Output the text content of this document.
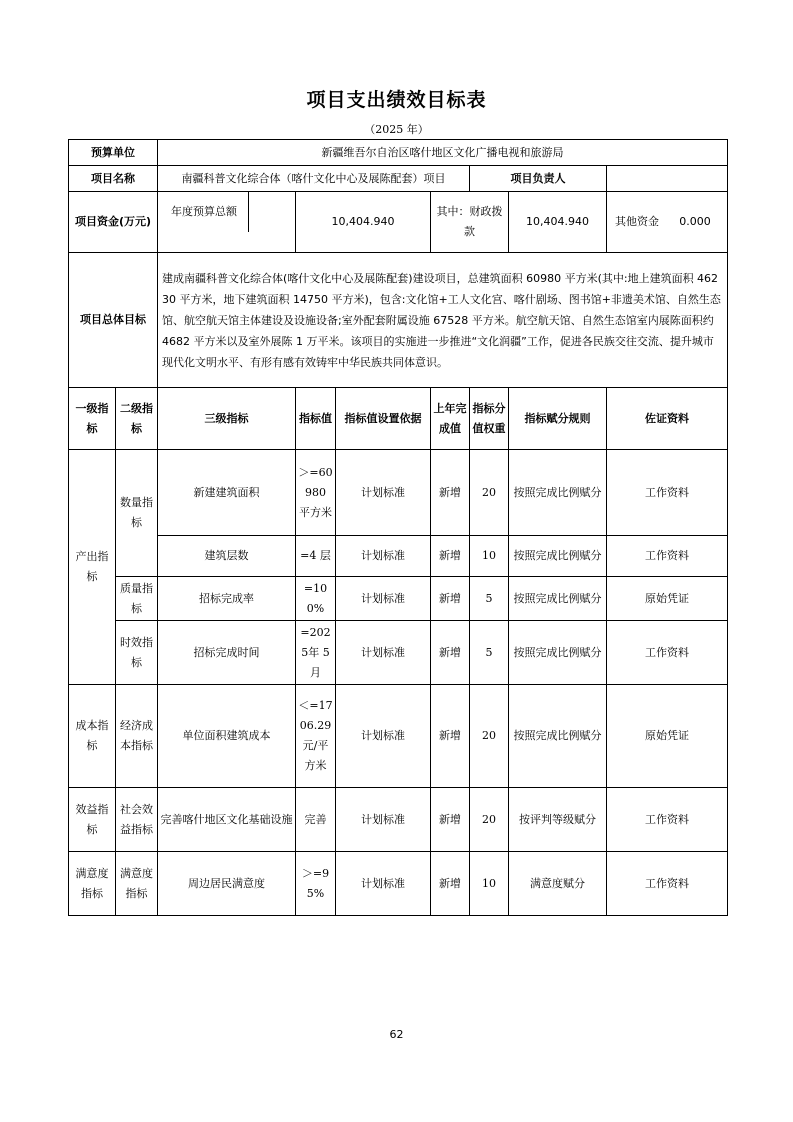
项目支出绩效目标表
（2025 年）
预算单位		新疆维吾尔自治区喀什地区文化广播电视和旅游局						
项目名称		南疆科普文化综合体（喀什文化中心及展陈配套）项目				项目负责人		
项目资金(万元)		年度预算总额	10,404.940		其中：财政拨款		10,404.940	其他资金 0.000
项目总体目标		建成南疆科普文化综合体(喀什文化中心及展陈配套)建设项目，总建筑面积 60980 平方米(其中:地上建筑面积 46230 平方米，地下建筑面积 14750 平方米)，包含:文化馆+工人文化宫、喀什剧场、图书馆+非遗美术馆、自然生态馆、航空航天馆主体建设及设施设备;室外配套附属设施 67528 平方米。航空航天馆、自然生态馆室内展陈面积约 4682 平方米以及室外展陈 1 万平米。该项目的实施进一步推进“文化润疆”工作，促进各民族交往交流、提升城市现代化文明水平、有形有感有效铸牢中华民族共同体意识。						
一级指标	二级指标	三级指标	指标值	指标值设置依据	上年完成值	指标分值权重	指标赋分规则	佐证资料
产出指标	数量指标	新建建筑面积	＞=60980 平方米	计划标准	新增	20	按照完成比例赋分	工作资料
		建筑层数	=4 层	计划标准	新增	10	按照完成比例赋分	工作资料
	质量指标	招标完成率	=100%	计划标准	新增	5	按照完成比例赋分	原始凭证
	时效指标	招标完成时间	=2025年 5月	计划标准	新增	5	按照完成比例赋分	工作资料
成本指标	经济成本指标	单位面积建筑成本	＜=1706.29 元/平方米	计划标准	新增	20	按照完成比例赋分	原始凭证
效益指标	社会效益指标	完善喀什地区文化基础设施	完善	计划标准	新增	20	按评判等级赋分	工作资料
满意度指标	满意度指标	周边居民满意度	＞=95%	计划标准	新增	10	满意度赋分	工作资料
62
